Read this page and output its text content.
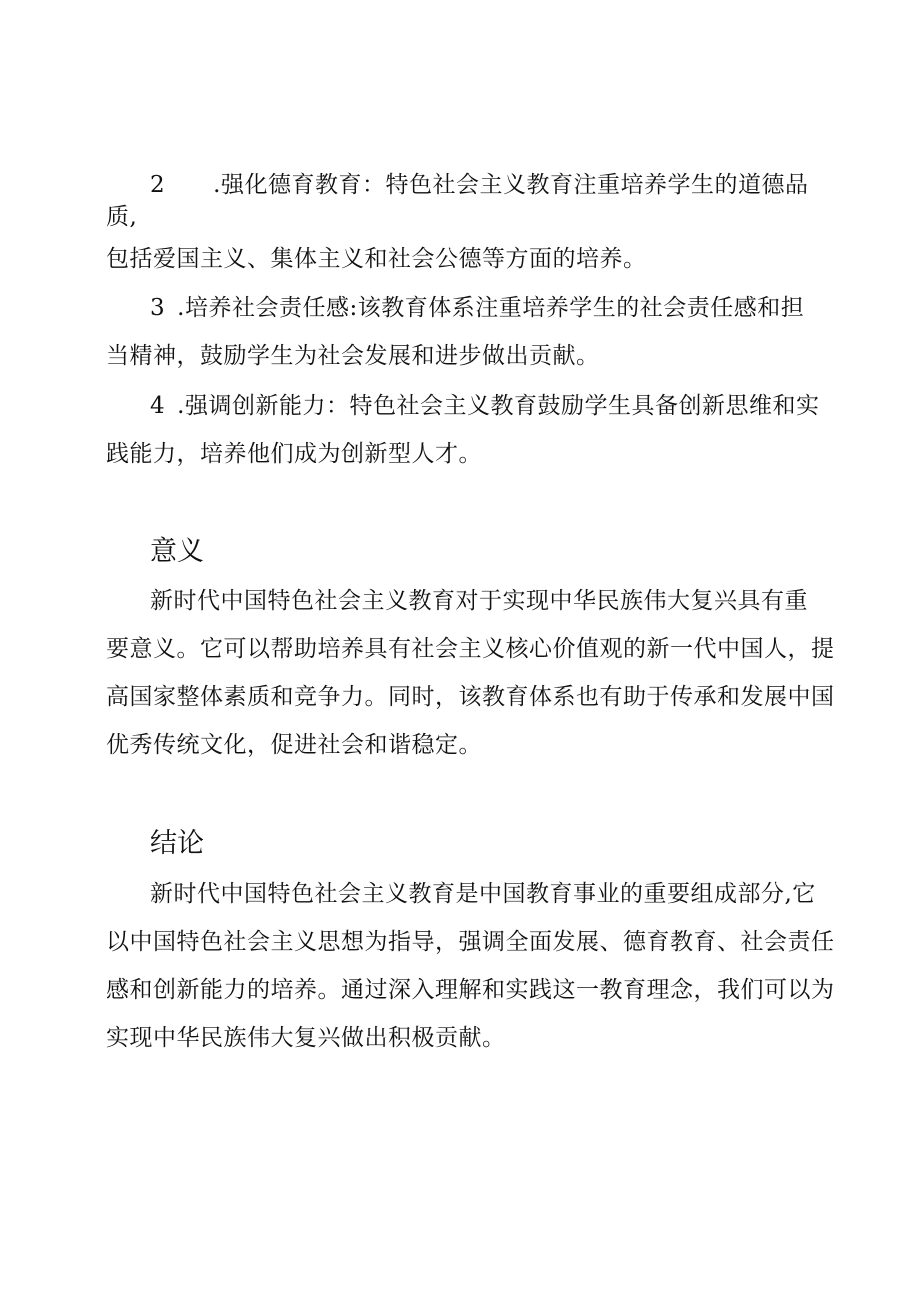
2 .强化德育教育：特色社会主义教育注重培养学生的道德品
质,
包括爱国主义、集体主义和社会公德等方面的培养。
3 .培养社会责任感:该教育体系注重培养学生的社会责任感和担
当精神，鼓励学生为社会发展和进步做出贡献。
4 .强调创新能力：特色社会主义教育鼓励学生具备创新思维和实
践能力，培养他们成为创新型人才。
意义
新时代中国特色社会主义教育对于实现中华民族伟大复兴具有重
要意义。它可以帮助培养具有社会主义核心价值观的新一代中国人，提
高国家整体素质和竞争力。同时，该教育体系也有助于传承和发展中国
优秀传统文化，促进社会和谐稳定。
结论
新时代中国特色社会主义教育是中国教育事业的重要组成部分,它
以中国特色社会主义思想为指导，强调全面发展、德育教育、社会责任
感和创新能力的培养。通过深入理解和实践这一教育理念，我们可以为
实现中华民族伟大复兴做出积极贡献。
